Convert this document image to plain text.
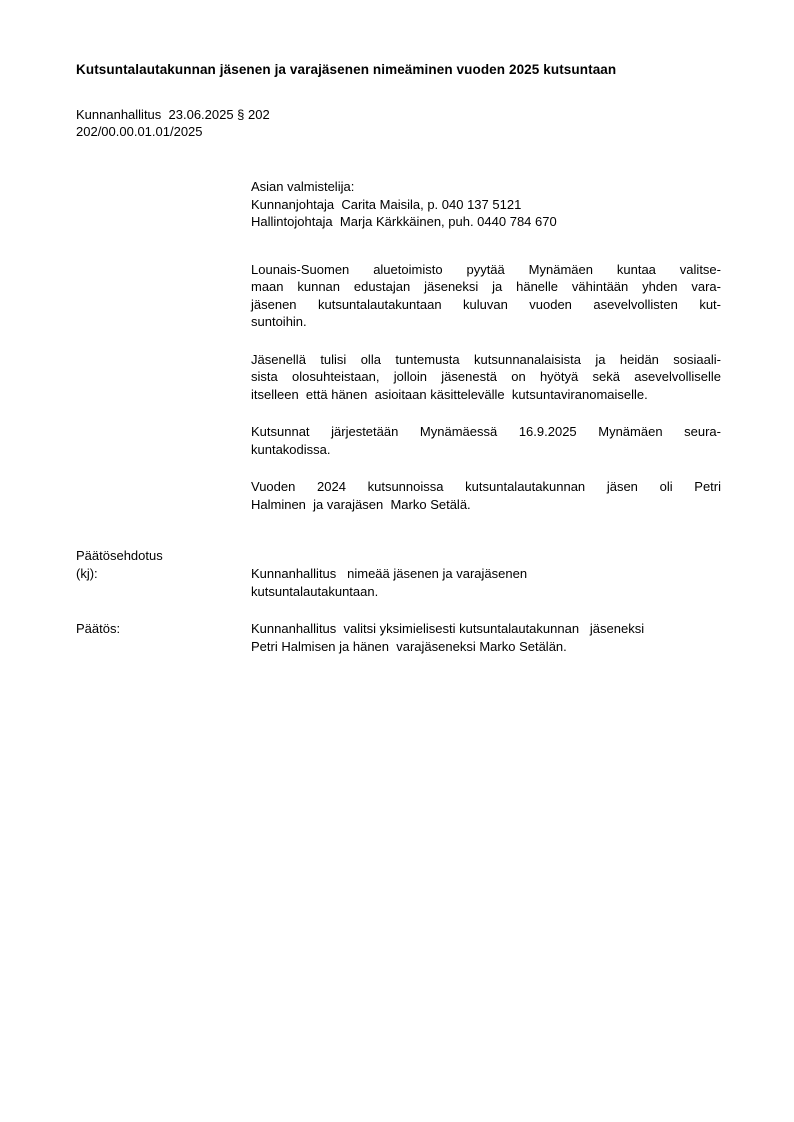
Kutsuntalautakunnan jäsenen ja varajäsenen nimeäminen vuoden 2025 kutsuntaan
Kunnanhallitus  23.06.2025 § 202
202/00.00.01.01/2025
Asian valmistelija:
Kunnanjohtaja  Carita Maisila, p. 040 137 5121
Hallintojohtaja  Marja Kärkkäinen, puh. 0440 784 670
Lounais-Suomen aluetoimisto pyytää Mynämäen kuntaa valitse-
maan kunnan edustajan jäseneksi ja hänelle vähintään yhden vara-
jäsenen kutsuntalautakuntaan kuluvan vuoden asevelvollisten kut-
suntoihin.
Jäsenellä tulisi olla tuntemusta kutsunnanalaisista ja heidän sosiaali-
sista olosuhteistaan, jolloin jäsenestä on hyötyä sekä asevelvolliselle
itselleen  että hänen  asioitaan käsittelevälle  kutsuntaviranomaiselle.
Kutsunnat järjestetään Mynämäessä 16.9.2025 Mynämäen seura-
kuntakodissa.
Vuoden 2024 kutsunnoissa kutsuntalautakunnan jäsen oli Petri
Halminen  ja varajäsen  Marko Setälä.
Päätösehdotus
(kj):	Kunnanhallitus   nimeää jäsenen ja varajäsenen
kutsuntalautakuntaan.
Päätös:	Kunnanhallitus  valitsi yksimielisesti kutsuntalautakunnan   jäseneksi
Petri Halmisen ja hänen  varajäseneksi Marko Setälän.
